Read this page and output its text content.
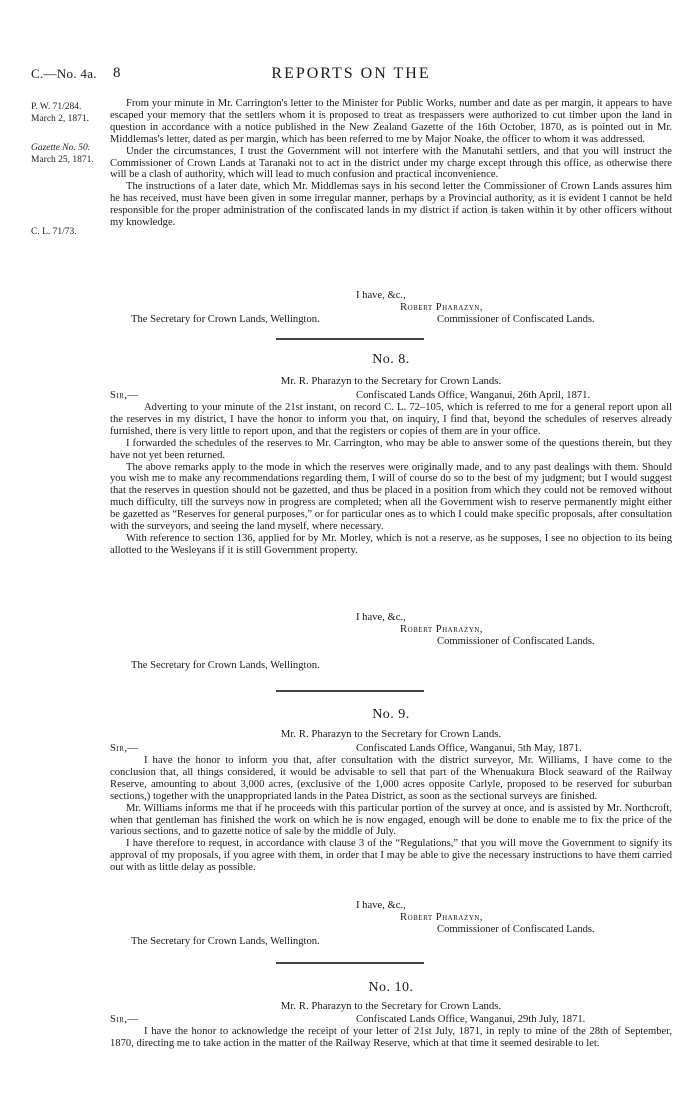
C.—No. 4a. 8	REPORTS ON THE
P. W. 71/284.
March 2, 1871.
Gazette No. 50.
March 25, 1871.
C. L. 71/73.

From your minute in Mr. Carrington's letter to the Minister for Public Works, number and date as per margin, it appears to have escaped your memory that the settlers whom it is proposed to treat as trespassers were authorized to cut timber upon the land in question in accordance with a notice published in the New Zealand Gazette of the 16th October, 1870, as is pointed out in Mr. Middlemas's letter, dated as per margin, which has been referred to me by Major Noake, the officer to whom it was addressed.

Under the circumstances, I trust the Government will not interfere with the Manutahi settlers, and that you will instruct the Commissioner of Crown Lands at Taranaki not to act in the district under my charge except through this office, as otherwise there will be a clash of authority, which will lead to much confusion and practical inconvenience.

The instructions of a later date, which Mr. Middlemas says in his second letter the Commissioner of Crown Lands assures him he has received, must have been given in some irregular manner, perhaps by a Provincial authority, as it is evident I cannot be held responsible for the proper administration of the confiscated lands in my district if action is taken within it by other officers without my knowledge.

I have, &c.,
Robert Pharazyn,
Commissioner of Confiscated Lands.
The Secretary for Crown Lands, Wellington.
No. 8.
Mr. R. Pharazyn to the Secretary for Crown Lands.
Sir,—	Confiscated Lands Office, Wanganui, 26th April, 1871.

Adverting to your minute of the 21st instant, on record C. L. 72–105, which is referred to me for a general report upon all the reserves in my district, I have the honor to inform you that, on inquiry, I find that, beyond the schedules of reserves already furnished, there is very little to report upon, and that the registers or copies of them are in your office.

I forwarded the schedules of the reserves to Mr. Carrington, who may be able to answer some of the questions therein, but they have not yet been returned.

The above remarks apply to the mode in which the reserves were originally made, and to any past dealings with them. Should you wish me to make any recommendations regarding them, I will of course do so to the best of my judgment; but I would suggest that the reserves in question should not be gazetted, and thus be placed in a position from which they could not be removed without much difficulty, till the surveys now in progress are completed; when all the Government wish to reserve permanently might either be gazetted as “Reserves for general purposes,” or for particular ones as to which I could make specific proposals, after consultation with the surveyors, and seeing the land myself, where necessary.

With reference to section 136, applied for by Mr. Morley, which is not a reserve, as he supposes, I see no objection to its being allotted to the Wesleyans if it is still Government property.

I have, &c.,
Robert Pharazyn,
Commissioner of Confiscated Lands.
The Secretary for Crown Lands, Wellington.
No. 9.
Mr. R. Pharazyn to the Secretary for Crown Lands.
Sir,—	Confiscated Lands Office, Wanganui, 5th May, 1871.

I have the honor to inform you that, after consultation with the district surveyor, Mr. Williams, I have come to the conclusion that, all things considered, it would be advisable to sell that part of the Whenuakura Block seaward of the Railway Reserve, amounting to about 3,000 acres, (exclusive of the 1,000 acres opposite Carlyle, proposed to be reserved for suburban sections,) together with the unappropriated lands in the Patea District, as soon as the sectional surveys are finished.

Mr. Williams informs me that if he proceeds with this particular portion of the survey at once, and is assisted by Mr. Northcroft, when that gentleman has finished the work on which he is now engaged, enough will be done to enable me to fix the price of the various sections, and to gazette notice of sale by the middle of July.

I have therefore to request, in accordance with clause 3 of the “Regulations,” that you will move the Government to signify its approval of my proposals, if you agree with them, in order that I may be able to give the necessary instructions to have them carried out with as little delay as possible.

I have, &c.,
Robert Pharazyn,
Commissioner of Confiscated Lands.
The Secretary for Crown Lands, Wellington.
No. 10.
Mr. R. Pharazyn to the Secretary for Crown Lands.
Sir,—	Confiscated Lands Office, Wanganui, 29th July, 1871.

I have the honor to acknowledge the receipt of your letter of 21st July, 1871, in reply to mine of the 28th of September, 1870, directing me to take action in the matter of the Railway Reserve, which at that time it seemed desirable to let.
